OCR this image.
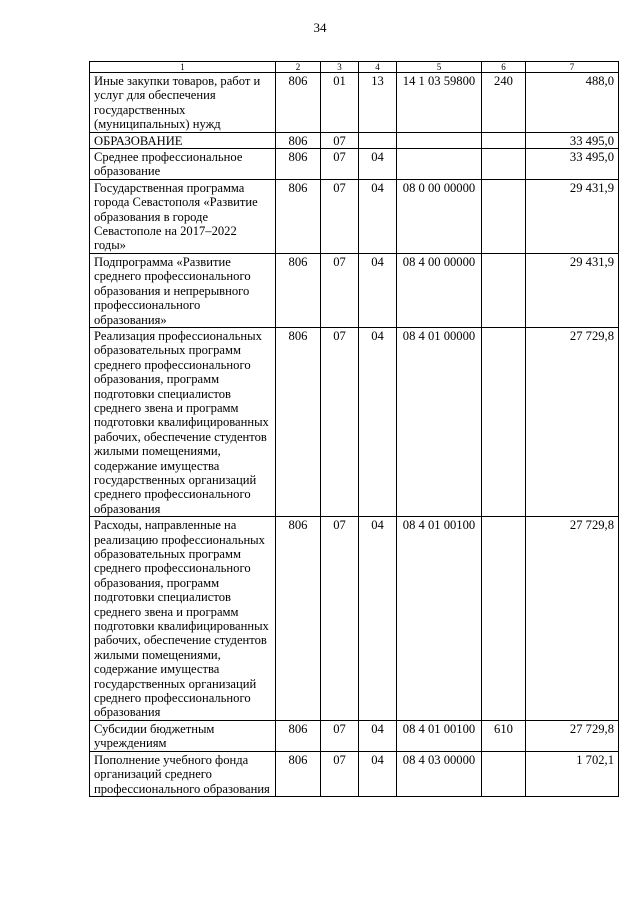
34
1	2	3	4	5	6	7
Иные закупки товаров, работ и услуг для обеспечения государственных (муниципальных) нужд	806	01	13	14 1 03 59800	240	488,0
ОБРАЗОВАНИЕ	806	07				33 495,0
Среднее профессиональное образование	806	07	04			33 495,0
Государственная программа города Севастополя «Развитие образования в городе Севастополе на 2017–2022 годы»	806	07	04	08 0 00 00000		29 431,9
Подпрограмма «Развитие среднего профессионального образования и непрерывного профессионального образования»	806	07	04	08 4 00 00000		29 431,9
Реализация профессиональных образовательных программ среднего профессионального образования, программ подготовки специалистов среднего звена и программ подготовки квалифицированных рабочих, обеспечение студентов жилыми помещениями, содержание имущества государственных организаций среднего профессионального образования	806	07	04	08 4 01 00000		27 729,8
Расходы, направленные на реализацию профессиональных образовательных программ среднего профессионального образования, программ подготовки специалистов среднего звена и программ подготовки квалифицированных рабочих, обеспечение студентов жилыми помещениями, содержание имущества государственных организаций среднего профессионального образования	806	07	04	08 4 01 00100		27 729,8
Субсидии бюджетным учреждениям	806	07	04	08 4 01 00100	610	27 729,8
Пополнение учебного фонда организаций среднего профессионального образования	806	07	04	08 4 03 00000		1 702,1
